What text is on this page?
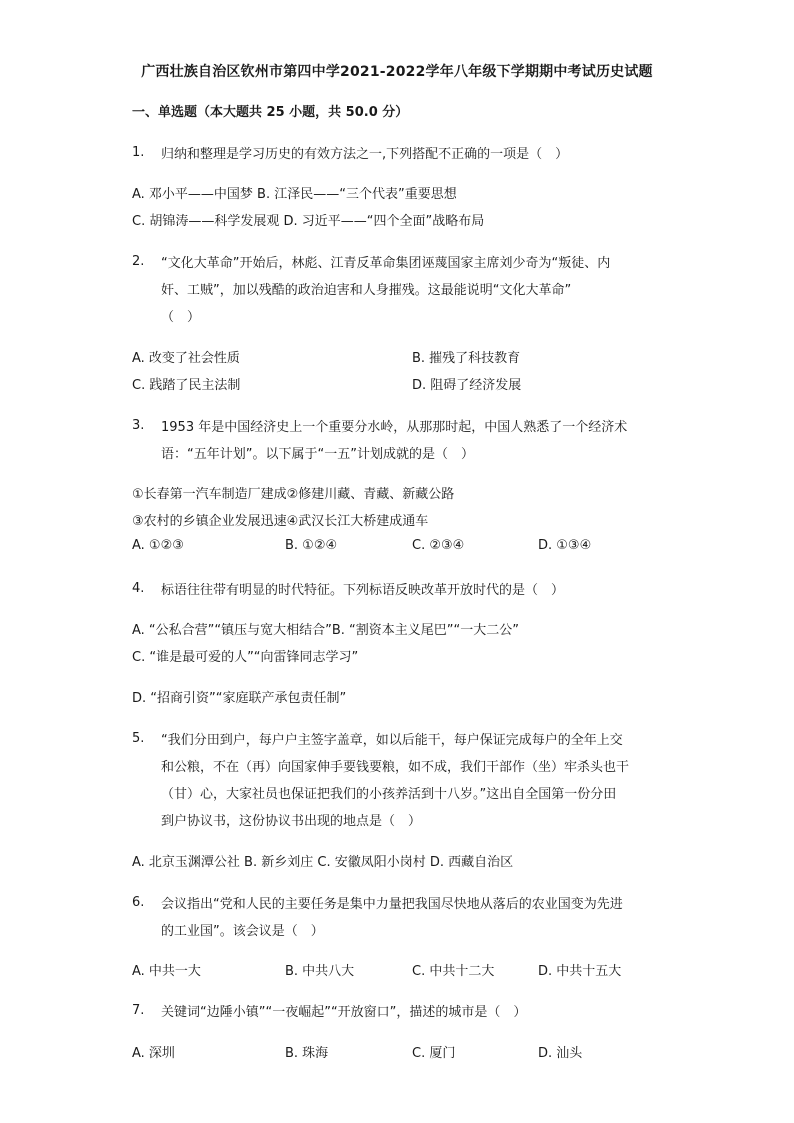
广西壮族自治区钦州市第四中学2021-2022学年八年级下学期期中考试历史试题
一、单选题（本大题共 25 小题，共 50.0 分）
1. 归纳和整理是学习历史的有效方法之一,下列搭配不正确的一项是（　）
A. 邓小平——中国梦 B. 江泽民——“三个代表”重要思想
C. 胡锦涛——科学发展观 D. 习近平——“四个全面”战略布局
2. “文化大革命”开始后，林彪、江青反革命集团诬蔑国家主席刘少奇为“叛徒、内
奸、工贼”，加以残酷的政治迫害和人身摧残。这最能说明“文化大革命”
（　）
A. 改变了社会性质	B. 摧残了科技教育
C. 践踏了民主法制	D. 阻碍了经济发展
3. 1953 年是中国经济史上一个重要分水岭，从那那时起，中国人熟悉了一个经济术
语：“五年计划”。以下属于“一五”计划成就的是（　）
①长春第一汽车制造厂建成②修建川藏、青藏、新藏公路
③农村的乡镇企业发展迅速④武汉长江大桥建成通车
A. ①②③	B. ①②④	C. ②③④	D. ①③④
4. 标语往往带有明显的时代特征。下列标语反映改革开放时代的是（　）
A. “公私合营”“镇压与宽大相结合”B. “割资本主义尾巴”“一大二公”
C. “谁是最可爱的人”“向雷锋同志学习”
D. “招商引资”“家庭联产承包责任制”
5. “我们分田到户，每户户主签字盖章，如以后能干，每户保证完成每户的全年上交
和公粮，不在（再）向国家伸手要钱要粮，如不成，我们干部作（坐）牢杀头也干
（甘）心，大家社员也保证把我们的小孩养活到十八岁。”这出自全国第一份分田
到户协议书，这份协议书出现的地点是（　）
A. 北京玉渊潭公社 B. 新乡刘庄 C. 安徽凤阳小岗村 D. 西藏自治区
6. 会议指出“党和人民的主要任务是集中力量把我国尽快地从落后的农业国变为先进
的工业国”。该会议是（　）
A. 中共一大	B. 中共八大	C. 中共十二大	D. 中共十五大
7. 关键词“边陲小镇”“一夜崛起”“开放窗口”，描述的城市是（　）
A. 深圳	B. 珠海	C. 厦门	D. 汕头
